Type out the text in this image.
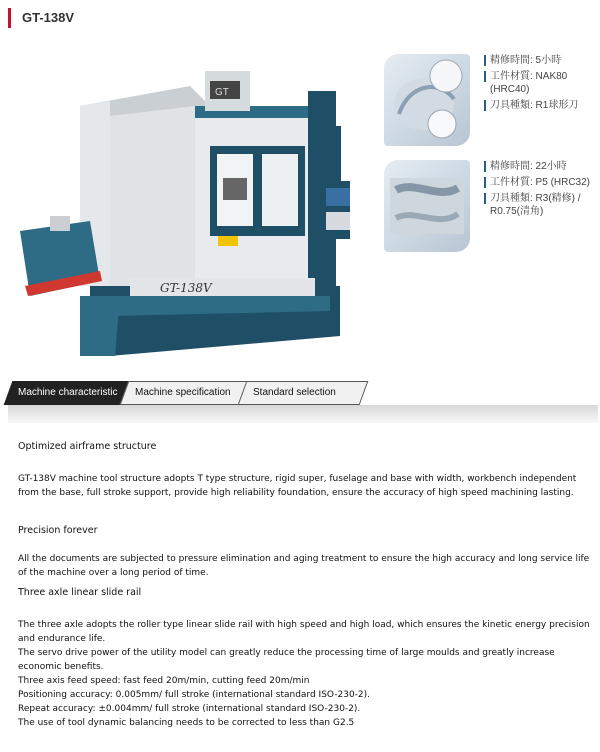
GT-138V
GT
GT-138V
精修時間: 5小時
工件材質: NAK80 (HRC40)
刀具種類: R1球形刀
精修時間: 22小時
工件材質: P5 (HRC32)
刀具種類: R3(精修) / R0.75(清角)
Machine characteristic	Machine specification	Standard selection

Optimized airframe structure

GT-138V machine tool structure adopts T type structure, rigid super, fuselage and base with width, workbench independent from the base, full stroke support, provide high reliability foundation, ensure the accuracy of high speed machining lasting.

Precision forever

All the documents are subjected to pressure elimination and aging treatment to ensure the high accuracy and long service life of the machine over a long period of time.

Three axle linear slide rail

The three axle adopts the roller type linear slide rail with high speed and high load, which ensures the kinetic energy precision and endurance life.

The servo drive power of the utility model can greatly reduce the processing time of large moulds and greatly increase economic benefits.

Three axis feed speed: fast feed 20m/min, cutting feed 20m/min

Positioning accuracy: 0.005mm/ full stroke (international standard ISO-230-2).

Repeat accuracy: ±0.004mm/ full stroke (international standard ISO-230-2).

The use of tool dynamic balancing needs to be corrected to less than G2.5
